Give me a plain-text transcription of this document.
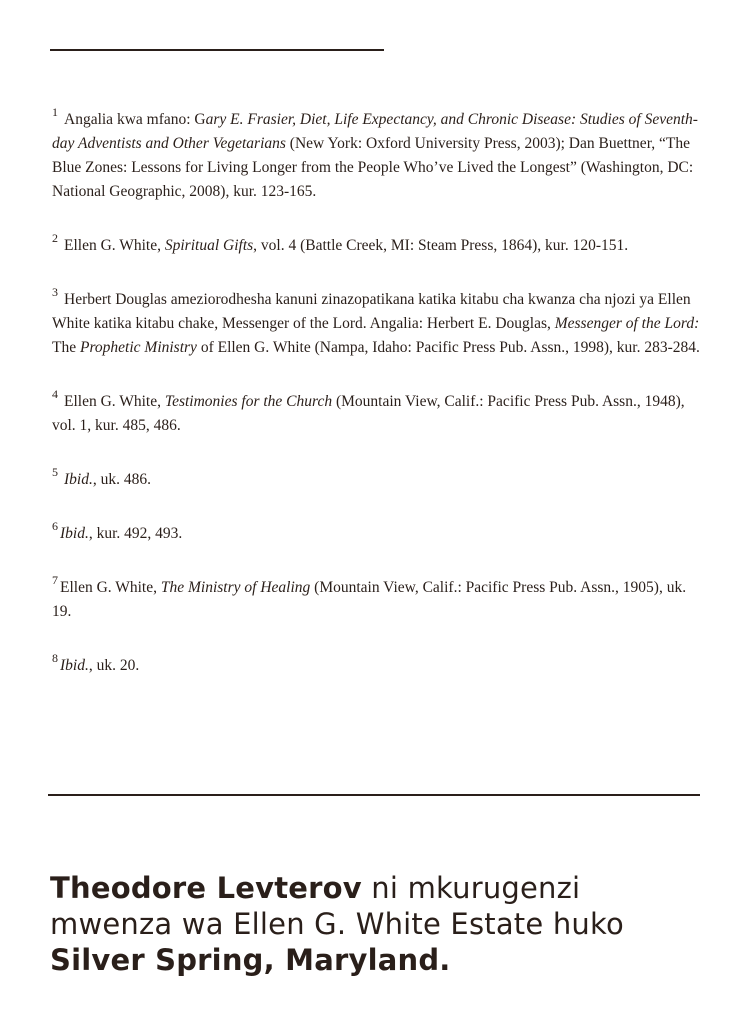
$^1$ Angalia kwa mfano: Gary E. Frasier, Diet, Life Expectancy, and Chronic Disease: Studies of Seventh-day Adventists and Other Vegetarians (New York: Oxford University Press, 2003); Dan Buettner, “The Blue Zones: Lessons for Living Longer from the People Who’ve Lived the Longest” (Washington, DC: National Geographic, 2008), kur. 123-165.

$^2$ Ellen G. White, Spiritual Gifts, vol. 4 (Battle Creek, MI: Steam Press, 1864), kur. 120-151.

$^3$ Herbert Douglas ameziorodhesha kanuni zinazopatikana katika kitabu cha kwanza cha njozi ya Ellen White katika kitabu chake, Messenger of the Lord. Angalia: Herbert E. Douglas, Messenger of the Lord: The Prophetic Ministry of Ellen G. White (Nampa, Idaho: Pacific Press Pub. Assn., 1998), kur. 283-284.

$^4$ Ellen G. White, Testimonies for the Church (Mountain View, Calif.: Pacific Press Pub. Assn., 1948), vol. 1, kur. 485, 486.

$^5$ Ibid., uk. 486.

$^6$ Ibid., kur. 492, 493.

$^7$ Ellen G. White, The Ministry of Healing (Mountain View, Calif.: Pacific Press Pub. Assn., 1905), uk. 19.

$^8$ Ibid., uk. 20.

Theodore Levterov ni mkurugenzi mwenza wa Ellen G. White Estate huko Silver Spring, Maryland.
